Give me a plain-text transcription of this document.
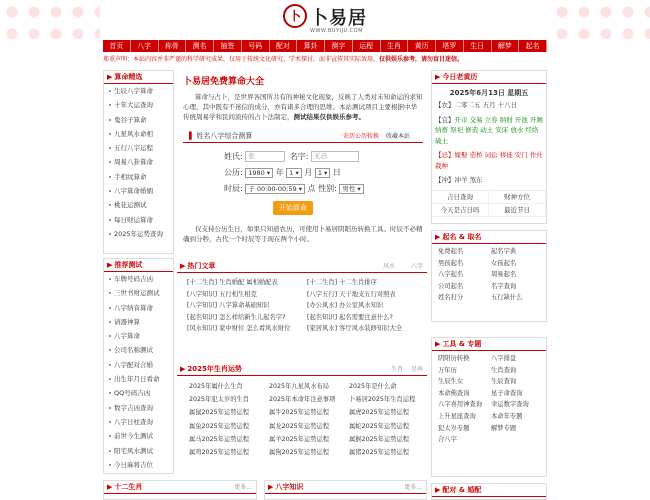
卜 卜易居
WWW.BUYIJU.COM
首页	八字	称骨	测名	抽签	号码	配对	算卦	测字	运程	生肖	黄历	塔罗	生日	解梦	起名
郑重声明：本站内容并非严谨的科学研究成果，仅用于传统文化研究、学术探讨，而非宣传其实际效用，仅供娱乐参考，请勿盲目迷信。
▶ 算命精选
生辰八字算命
十年大运查询
鬼谷子算命
九星风水命相
五行八字运程
周易八卦算命
手相纹算命
八字算命婚姻
桃花运测试
每日财运算命
2025年运势查询
▶ 推荐测试
车牌号码吉凶
三世书财运测试
八字纳音算命
请器神算
八字算命
公司名称测试
八字配对合婚
出生年月日看命
QQ号码吉凶
数字吉凶查询
八字日柱查询
前世今生测试
阳宅风水测试
今日麻将吉位
▶ 十二生肖	更多...
卜易居免费算命大全
算命与占卜，是世界各国所共有的神秘文化现象，反映了人类对未知命运的求知心理，其中既有不迷信的成分，亦有诸多合理的思维。本站测试项目主要根据中华传统周易学和民间流传的占卜法制定，测试结果仅供娱乐参考。
▌ 姓名八字综合测算	农历公历转换 收藏本站
姓氏: 张	名字: 无忌
公历: 1980 ▾ 年 1 ▾ 月 1 ▾ 日
时辰: 子 00:00-00:59 ▾ 点 性别: 男性 ▾
开始算命
仅支持公历生日，如果只知道农历，可使用卜易居阴阳历转换工具。时辰不必精确到分秒，古代一个时辰等于现在两个小时。
▶ 热门文章	风水	八字
[十二生肖] 生肖婚配 属相婚配表	[十二生肖] 十二生肖排序
[八字知识] 五行相生相克	[八字五行] 天干地支五行对照表
[八字知识] 八字算命基础知识	[办公风水] 办公室风水知识
[起名知识] 怎么样给新生儿起名字?	[起名知识] 起名需要注意什么?
[风水知识] 家中财位 怎么看风水财位	[家居风水] 客厅风水装修知识大全
▶ 2025年生肖运势	生肖 星座
2025年属什么生肖	2025年九星风水布局	2025年是什么命
2025年犯太岁的生肖	2025年本命年注意事项	卜易居2025年生肖运程
属鼠2025年运势运程	属牛2025年运势运程	属虎2025年运势运程
属兔2025年运势运程	属龙2025年运势运程	属蛇2025年运势运程
属马2025年运势运程	属羊2025年运势运程	属猴2025年运势运程
属鸡2025年运势运程	属狗2025年运势运程	属猪2025年运势运程
▶ 八字知识	更多...
▶ 今日老黄历
2025年6月13日 星期五
【农】二零二五 五月 十八日
【宜】开市 交易 立券 纳财 开池 开厕 纳畜 祭祀 修造 动土 安床 放水 经络 破土
【忌】嫁娶 造桥 词讼 移徙 安门 作灶 栽种
【冲】冲羊 煞东
吉日查询	财神方位
今天是吉日吗	最近节日
▶ 起名 & 取名
免费起名	起名字典
男孩起名	女孩起名
八字起名	周易起名
公司起名	名字查询
姓名打分	五行缺什么
▶ 工具 & 专题
阴阳历转换	八字排盘
万年历	生肖查询
生辰生女	生辰查询
本命佛查询	星子命查询
八字喜用神查询	幸运数字查询
上升星座查询	本命年专题
犯太岁专题	解梦专题
合八字
▶ 配对 & 婚配
